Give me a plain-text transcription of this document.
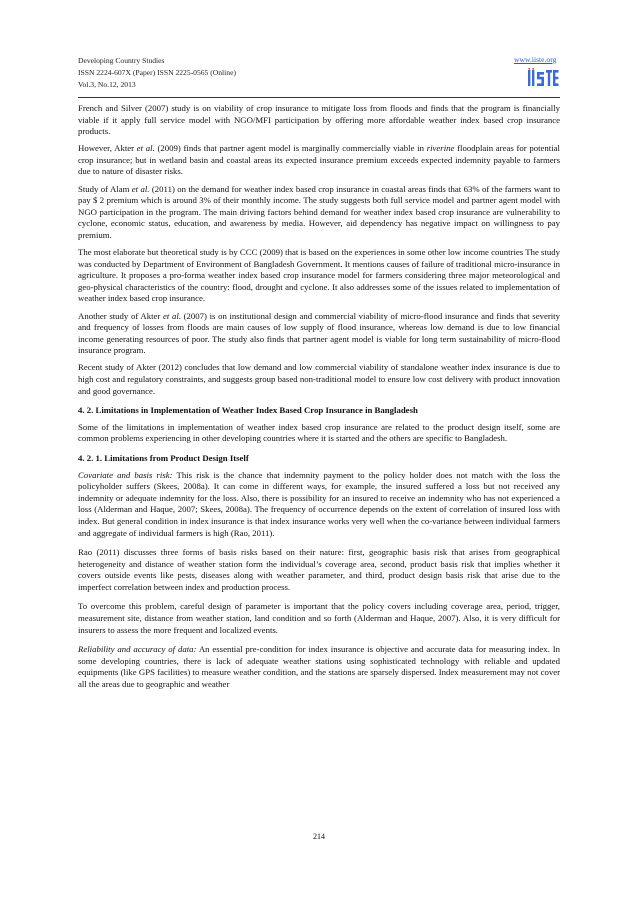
Developing Country Studies
ISSN 2224-607X (Paper) ISSN 2225-0565 (Online)
Vol.3, No.12, 2013
www.iiste.org

French and Silver (2007) study is on viability of crop insurance to mitigate loss from floods and finds that the program is financially viable if it apply full service model with NGO/MFI participation by offering more affordable weather index based crop insurance products.

However, Akter et al. (2009) finds that partner agent model is marginally commercially viable in riverine floodplain areas for potential crop insurance; but in wetland basin and coastal areas its expected insurance premium exceeds expected indemnity payable to farmers due to nature of disaster risks.

Study of Alam et al. (2011) on the demand for weather index based crop insurance in coastal areas finds that 63% of the farmers want to pay $ 2 premium which is around 3% of their monthly income. The study suggests both full service model and partner agent model with NGO participation in the program. The main driving factors behind demand for weather index based crop insurance are vulnerability to cyclone, economic status, education, and awareness by media. However, aid dependency has negative impact on willingness to pay premium.

The most elaborate but theoretical study is by CCC (2009) that is based on the experiences in some other low income countries The study was conducted by Department of Environment of Bangladesh Government. It mentions causes of failure of traditional micro-insurance in agriculture. It proposes a pro-forma weather index based crop insurance model for farmers considering three major meteorological and geo-physical characteristics of the country: flood, drought and cyclone. It also addresses some of the issues related to implementation of weather index based crop insurance.

Another study of Akter et al. (2007) is on institutional design and commercial viability of micro-flood insurance and finds that severity and frequency of losses from floods are main causes of low supply of flood insurance, whereas low demand is due to low financial income generating resources of poor. The study also finds that partner agent model is viable for long term sustainability of micro-flood insurance program.

Recent study of Akter (2012) concludes that low demand and low commercial viability of standalone weather index insurance is due to high cost and regulatory constraints, and suggests group based non-traditional model to ensure low cost delivery with product innovation and good governance.

4. 2. Limitations in Implementation of Weather Index Based Crop Insurance in Bangladesh

Some of the limitations in implementation of weather index based crop insurance are related to the product design itself, some are common problems experiencing in other developing countries where it is started and the others are specific to Bangladesh.

4. 2. 1. Limitations from Product Design Itself

Covariate and basis risk: This risk is the chance that indemnity payment to the policy holder does not match with the loss the policyholder suffers (Skees, 2008a). It can come in different ways, for example, the insured suffered a loss but not received any indemnity or adequate indemnity for the loss. Also, there is possibility for an insured to receive an indemnity who has not experienced a loss (Alderman and Haque, 2007; Skees, 2008a). The frequency of occurrence depends on the extent of correlation of insured loss with index. But general condition in index insurance is that index insurance works very well when the co-variance between individual farmers and aggregate of individual farmers is high (Rao, 2011).

Rao (2011) discusses three forms of basis risks based on their nature: first, geographic basis risk that arises from geographical heterogeneity and distance of weather station form the individual’s coverage area, second, product basis risk that implies whether it covers outside events like pests, diseases along with weather parameter, and third, product design basis risk that arise due to the imperfect correlation between index and production process.

To overcome this problem, careful design of parameter is important that the policy covers including coverage area, period, trigger, measurement site, distance from weather station, land condition and so forth (Alderman and Haque, 2007). Also, it is very difficult for insurers to assess the more frequent and localized events.

Reliability and accuracy of data: An essential pre-condition for index insurance is objective and accurate data for measuring index. In some developing countries, there is lack of adequate weather stations using sophisticated technology with reliable and updated equipments (like GPS facilities) to measure weather condition, and the stations are sparsely dispersed. Index measurement may not cover all the areas due to geographic and weather

214
